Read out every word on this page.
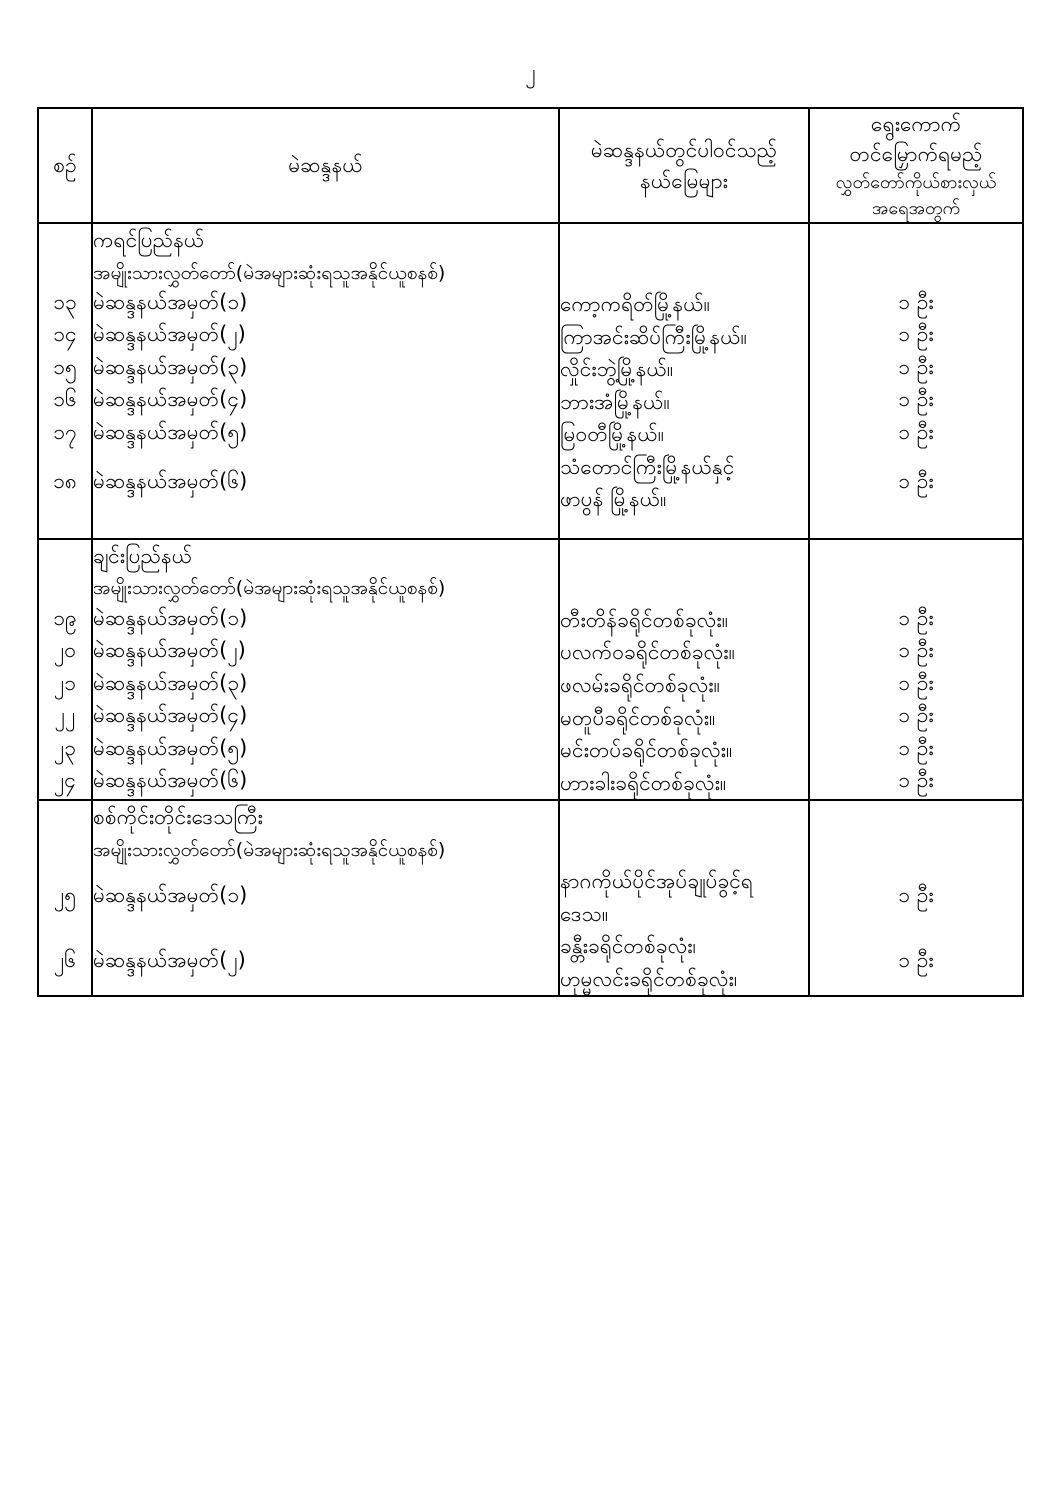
၂
စဉ်	မဲဆန္ဒနယ်	မဲဆန္ဒနယ်တွင်ပါဝင်သည့်
နယ်မြေများ	ရွေးကောက်
တင်မြှောက်ရမည့်
လွှတ်တော်ကိုယ်စားလှယ်
အရေအတွက်

	ကရင်ပြည်နယ်
အမျိုးသားလွှတ်တော်(မဲအများဆုံးရသူအနိုင်ယူစနစ်)		

၁၃	မဲဆန္ဒနယ်အမှတ်(၁)	ကော့ကရိတ်မြို့နယ်။	၁ ဦး
၁၄	မဲဆန္ဒနယ်အမှတ်(၂)	ကြာအင်းဆိပ်ကြီးမြို့နယ်။	၁ ဦး
၁၅	မဲဆန္ဒနယ်အမှတ်(၃)	လှိုင်းဘွဲ့မြို့နယ်။	၁ ဦး
၁၆	မဲဆန္ဒနယ်အမှတ်(၄)	ဘားအံမြို့နယ်။	၁ ဦး
၁၇	မဲဆန္ဒနယ်အမှတ်(၅)	မြဝတီမြို့နယ်။	၁ ဦး
၁၈	မဲဆန္ဒနယ်အမှတ်(၆)	သံတောင်ကြီးမြို့နယ်နှင့်
ဖာပွန် မြို့နယ်။	၁ ဦး

	ချင်းပြည်နယ်
အမျိုးသားလွှတ်တော်(မဲအများဆုံးရသူအနိုင်ယူစနစ်)		

၁၉	မဲဆန္ဒနယ်အမှတ်(၁)	တီးတိန်ခရိုင်တစ်ခုလုံး။	၁ ဦး
၂၀	မဲဆန္ဒနယ်အမှတ်(၂)	ပလက်ဝခရိုင်တစ်ခုလုံး။	၁ ဦး
၂၁	မဲဆန္ဒနယ်အမှတ်(၃)	ဖလမ်းခရိုင်တစ်ခုလုံး။	၁ ဦး
၂၂	မဲဆန္ဒနယ်အမှတ်(၄)	မတူပီခရိုင်တစ်ခုလုံး။	၁ ဦး
၂၃	မဲဆန္ဒနယ်အမှတ်(၅)	မင်းတပ်ခရိုင်တစ်ခုလုံး။	၁ ဦး
၂၄	မဲဆန္ဒနယ်အမှတ်(၆)	ဟားခါးခရိုင်တစ်ခုလုံး။	၁ ဦး
	စစ်ကိုင်းတိုင်းဒေသကြီး
အမျိုးသားလွှတ်တော်(မဲအများဆုံးရသူအနိုင်ယူစနစ်)		

၂၅	မဲဆန္ဒနယ်အမှတ်(၁)	နာဂကိုယ်ပိုင်အုပ်ချုပ်ခွင့်ရ
ဒေသ။	၁ ဦး
၂၆	မဲဆန္ဒနယ်အမှတ်(၂)	ခန္တီးခရိုင်တစ်ခုလုံး၊
ဟုမ္မလင်းခရိုင်တစ်ခုလုံး၊	၁ ဦး
